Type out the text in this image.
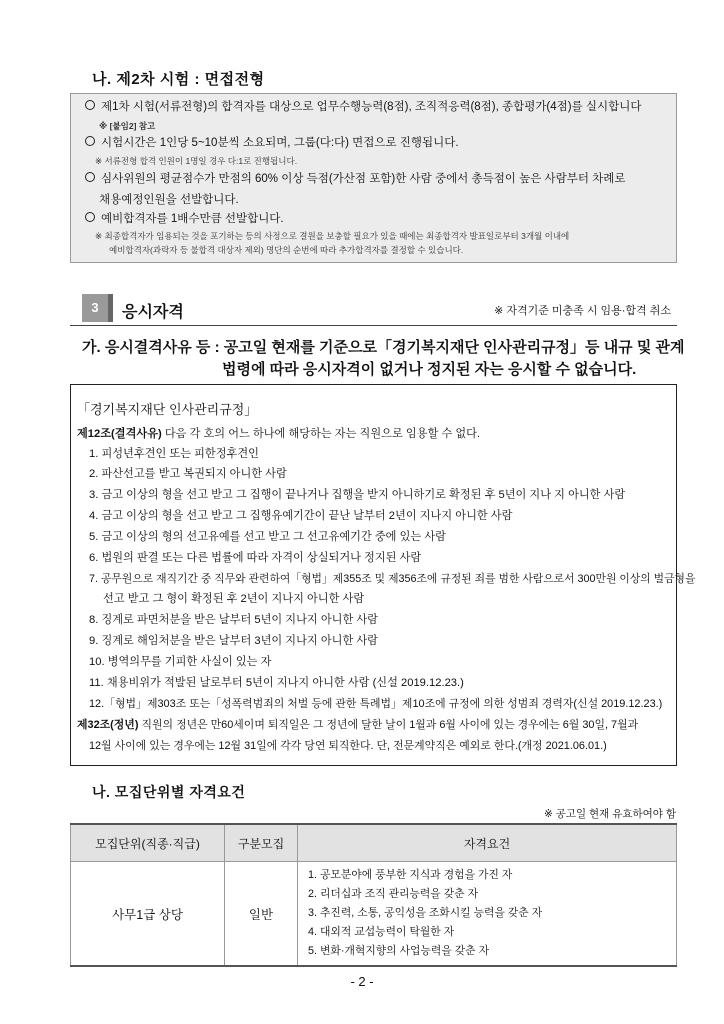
나. 제2차 시험 : 면접전형
제1차 시험(서류전형)의 합격자를 대상으로 업무수행능력(8점), 조직적응력(8점), 종합평가(4점)를 실시합니다
※ [붙임2] 참고
시험시간은 1인당 5~10분씩 소요되며, 그룹(다:다) 면접으로 진행됩니다.
※ 서류전형 합격 인원이 1명일 경우 다:1로 진행됩니다.
심사위원의 평균점수가 만점의 60% 이상 득점(가산점 포함)한 사람 중에서 총득점이 높은 사람부터 차례로
채용예정인원을 선발합니다.
예비합격자를 1배수만큼 선발합니다.
※ 최종합격자가 임용되는 것을 포기하는 등의 사정으로 결원을 보충할 필요가 있을 때에는 최종합격자 발표일로부터 3개월 이내에
예비합격자(과락자 등 불합격 대상자 제외) 명단의 순번에 따라 추가합격자를 결정할 수 있습니다.
3	응시자격	※ 자격기준 미충족 시 임용·합격 취소
가. 응시결격사유 등 : 공고일 현재를 기준으로「경기복지재단 인사관리규정」등 내규 및 관계
법령에 따라 응시자격이 없거나 정지된 자는 응시할 수 없습니다.
「경기복지재단 인사관리규정」
제12조(결격사유) 다음 각 호의 어느 하나에 해당하는 자는 직원으로 임용할 수 없다.
1. 피성년후견인 또는 피한정후견인
2. 파산선고를 받고 복권되지 아니한 사람
3. 금고 이상의 형을 선고 받고 그 집행이 끝나거나 집행을 받지 아니하기로 확정된 후 5년이 지나 지 아니한 사람
4. 금고 이상의 형을 선고 받고 그 집행유예기간이 끝난 날부터 2년이 지나지 아니한 사람
5. 금고 이상의 형의 선고유예를 선고 받고 그 선고유예기간 중에 있는 사람
6. 법원의 판결 또는 다른 법률에 따라 자격이 상실되거나 정지된 사람
7. 공무원으로 재직기간 중 직무와 관련하여「형법」제355조 및 제356조에 규정된 죄를 범한 사람으로서 300만원 이상의 벌금형을
선고 받고 그 형이 확정된 후 2년이 지나지 아니한 사람
8. 징계로 파면처분을 받은 날부터 5년이 지나지 아니한 사람
9. 징계로 해임처분을 받은 날부터 3년이 지나지 아니한 사람
10. 병역의무를 기피한 사실이 있는 자
11. 채용비위가 적발된 날로부터 5년이 지나지 아니한 사람 (신설 2019.12.23.)
12.「형법」제303조 또는「성폭력범죄의 처벌 등에 관한 특례법」제10조에 규정에 의한 성범죄 경력자(신설 2019.12.23.)
제32조(정년) 직원의 정년은 만60세이며 퇴직일은 그 정년에 달한 날이 1월과 6월 사이에 있는 경우에는 6월 30일, 7월과
12월 사이에 있는 경우에는 12월 31일에 각각 당연 퇴직한다. 단, 전문계약직은 예외로 한다.(개정 2021.06.01.)
나. 모집단위별 자격요건
※ 공고일 현재 유효하여야 함
모집단위(직종·직급)	구분모집	자격요건
사무1급 상당	일반	1. 공모분야에 풍부한 지식과 경험을 가진 자
2. 리더십과 조직 관리능력을 갖춘 자
3. 추진력, 소통, 공익성을 조화시킬 능력을 갖춘 자
4. 대외적 교섭능력이 탁월한 자
5. 변화·개혁지향의 사업능력을 갖춘 자
- 2 -
